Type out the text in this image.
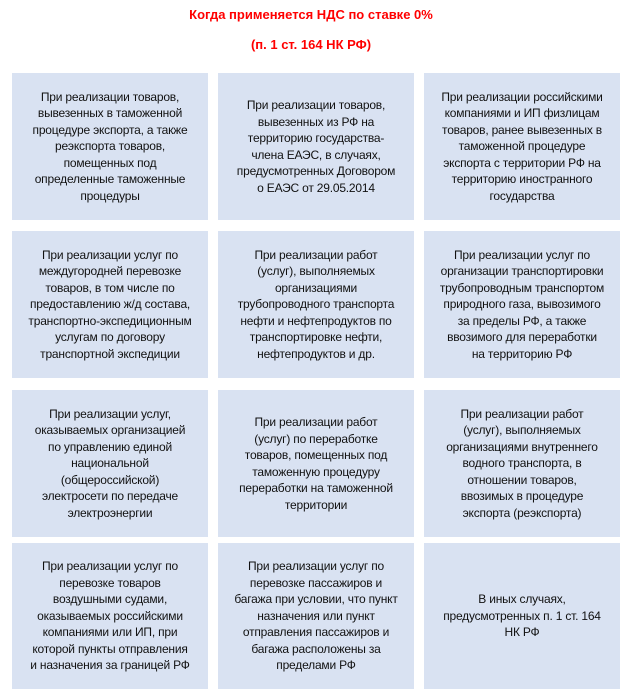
Когда применяется НДС по ставке 0%
(п. 1 ст. 164 НК РФ)
При реализации товаров,
вывезенных в таможенной
процедуре экспорта, а также
реэкспорта товаров,
помещенных под
определенные таможенные
процедуры
При реализации товаров,
вывезенных из РФ на
территорию государства-
члена ЕАЭС, в случаях,
предусмотренных Договором
о ЕАЭС от 29.05.2014
При реализации российскими
компаниями и ИП физлицам
товаров, ранее вывезенных в
таможенной процедуре
экспорта с территории РФ на
территорию иностранного
государства
При реализации услуг по
междугородней перевозке
товаров, в том числе по
предоставлению ж/д состава,
транспортно-экспедиционным
услугам по договору
транспортной экспедиции
При реализации работ
(услуг), выполняемых
организациями
трубопроводного транспорта
нефти и нефтепродуктов по
транспортировке нефти,
нефтепродуктов и др.
При реализации услуг по
организации транспортировки
трубопроводным транспортом
природного газа, вывозимого
за пределы РФ, а также
ввозимого для переработки
на территорию РФ
При реализации услуг,
оказываемых организацией
по управлению единой
национальной
(общероссийской)
электросети по передаче
электроэнергии
При реализации работ
(услуг) по переработке
товаров, помещенных под
таможенную процедуру
переработки на таможенной
территории
При реализации работ
(услуг), выполняемых
организациями внутреннего
водного транспорта, в
отношении товаров,
ввозимых в процедуре
экспорта (реэкспорта)
При реализации услуг по
перевозке товаров
воздушными судами,
оказываемых российскими
компаниями или ИП, при
которой пункты отправления
и назначения за границей РФ
При реализации услуг по
перевозке пассажиров и
багажа при условии, что пункт
назначения или пункт
отправления пассажиров и
багажа расположены за
пределами РФ
В иных случаях,
предусмотренных п. 1 ст. 164
НК РФ
